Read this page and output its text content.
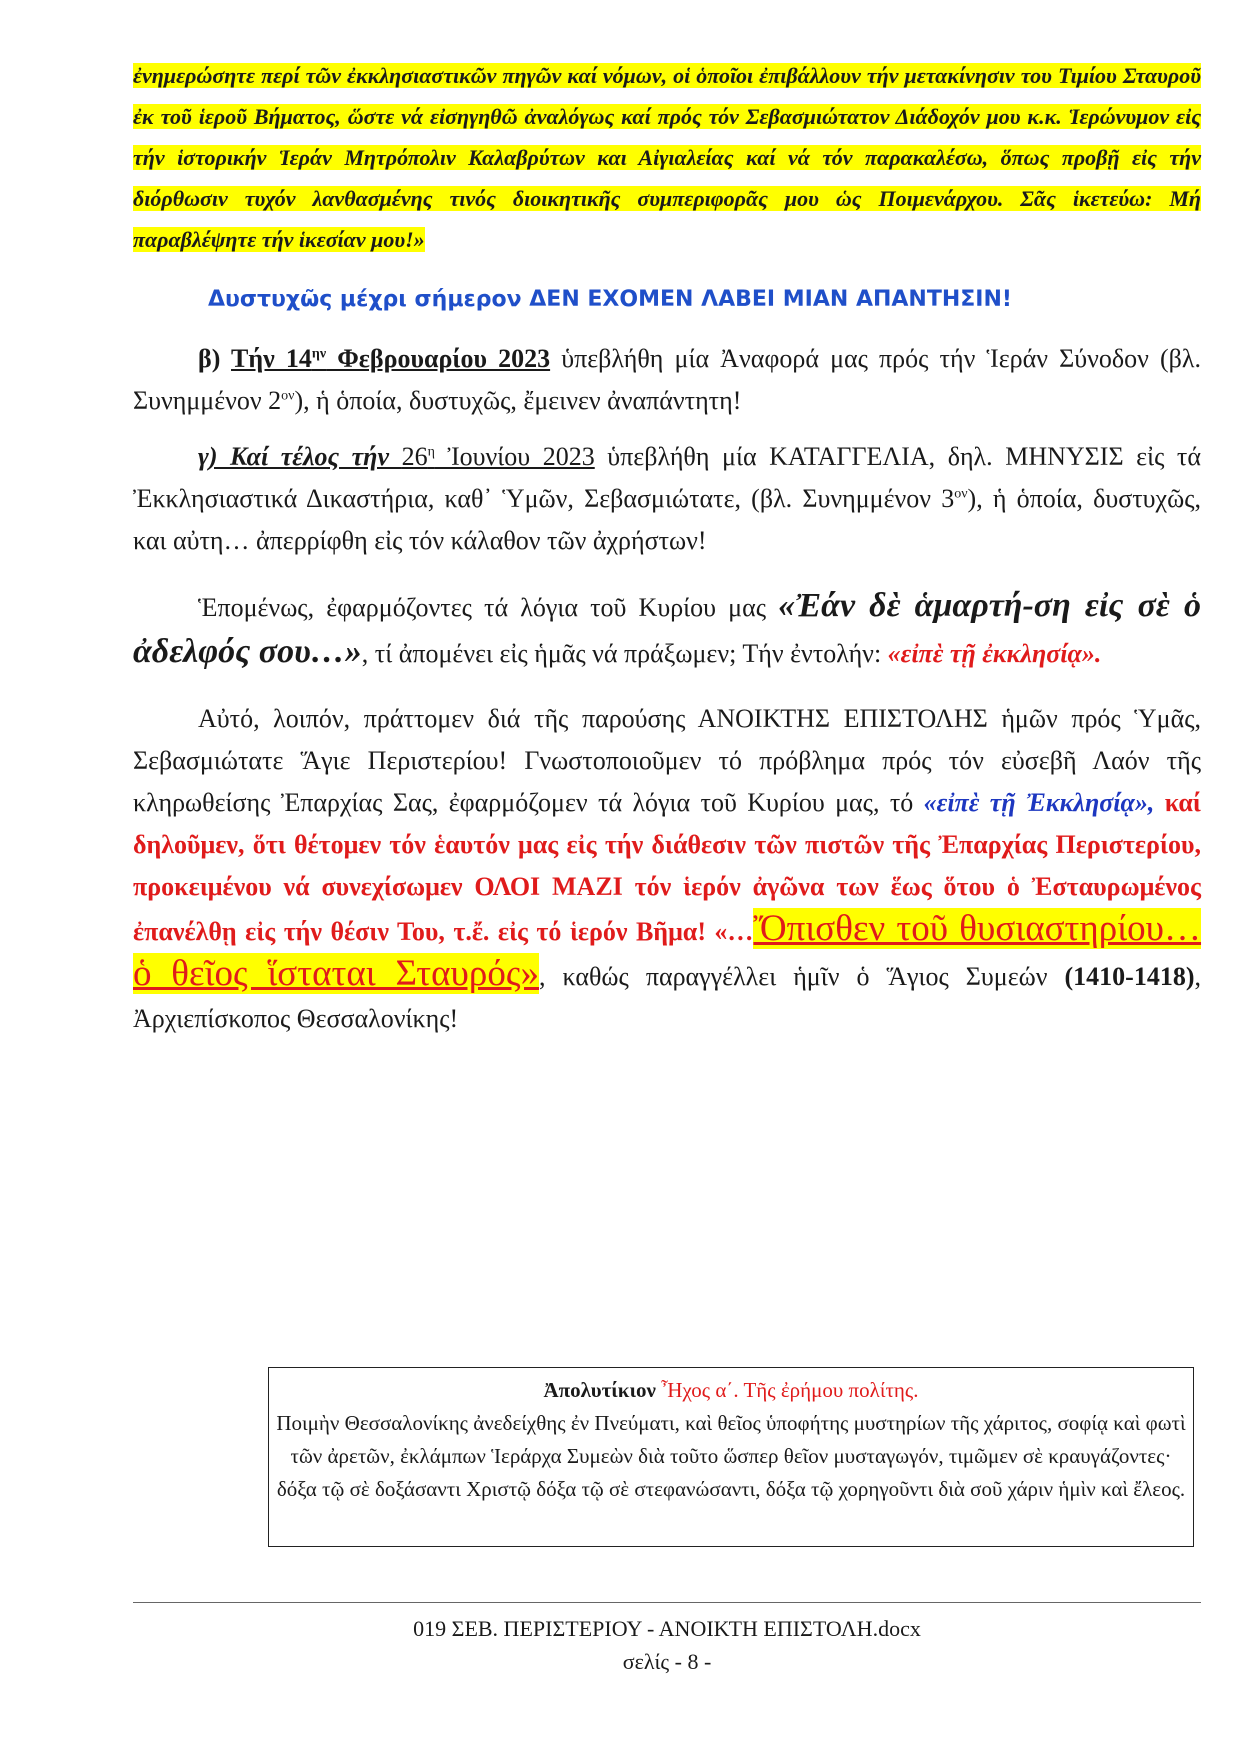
ἐνημερώσητε περί τῶν ἐκκλησιαστικῶν πηγῶν καί νόμων, οἱ ὁποῖοι ἐπιβάλλουν τήν μετακίνησιν του Τιμίου Σταυροῦ ἐκ τοῦ ἱεροῦ Βήματος, ὥστε νά εἰσηγηθῶ ἀναλόγως καί πρός τόν Σεβασμιώτατον Διάδοχόν μου κ.κ. Ἱερώνυμον εἰς τήν ἱστορικήν Ἱεράν Μητρόπολιν Καλαβρύτων και Αἰγιαλείας καί νά τόν παρακαλέσω, ὅπως προβῇ εἰς τήν διόρθωσιν τυχόν λανθασμένης τινός διοικητικῆς συμπεριφορᾶς μου ὡς Ποιμενάρχου. Σᾶς ἱκετεύω: Μή παραβλέψητε τήν ἱκεσίαν μου!»

Δυστυχῶς μέχρι σήμερον ΔΕΝ ΕΧΟΜΕΝ ΛΑΒΕΙ ΜΙΑΝ ΑΠΑΝΤΗΣΙΝ!

β) Τήν $14^{\eta\nu}$ Φεβρουαρίου 2023 ὑπεβλήθη μία Ἀναφορά μας πρός τήν Ἱεράν Σύνοδον (βλ. Συνημμένον $2^{o\nu}$), ἡ ὁποία, δυστυχῶς, ἔμεινεν ἀναπάντητη!

γ) Καί τέλος τήν $26^\eta$ Ἰουνίου 2023 ὑπεβλήθη μία ΚΑΤΑΓΓΕΛΙΑ, δηλ. ΜΗΝΥΣΙΣ εἰς τά Ἐκκλησιαστικά Δικαστήρια, καθ᾽ Ὑμῶν, Σεβασμιώτατε, (βλ. Συνημμένον $3^{o\nu}$), ἡ ὁποία, δυστυχῶς, και αὐτη… ἀπερρίφθη εἰς τόν κάλαθον τῶν ἀχρήστων!

Ἑπομένως, ἐφαρμόζοντες τά λόγια τοῦ Κυρίου μας «Ἐάν δὲ ἁμαρτή-ση εἰς σὲ ὁ ἀδελφός σου…», τί ἀπομένει εἰς ἡμᾶς νά πράξωμεν; Τήν ἐντολήν: «εἰπὲ τῇ ἐκκλησίᾳ».

Αὐτό, λοιπόν, πράττομεν διά τῆς παρούσης ΑΝΟΙΚΤΗΣ ΕΠΙΣΤΟΛΗΣ ἡμῶν πρός Ὑμᾶς, Σεβασμιώτατε Ἅγιε Περιστερίου! Γνωστοποιοῦμεν τό πρόβλημα πρός τόν εὐσεβῆ Λαόν τῆς κληρωθείσης Ἐπαρχίας Σας, ἐφαρμόζομεν τά λόγια τοῦ Κυρίου μας, τό «εἰπὲ τῇ Ἐκκλησίᾳ», καί δηλοῦμεν, ὅτι θέτομεν τόν ἑαυτόν μας εἰς τήν διάθεσιν τῶν πιστῶν τῆς Ἐπαρχίας Περιστερίου, προκειμένου νά συνεχίσωμεν ΟΛΟΙ ΜΑΖΙ τόν ἱερόν ἀγῶνα των ἕως ὅτου ὁ Ἐσταυρωμένος ἐπανέλθῃ εἰς τήν θέσιν Του, τ.ἔ. εἰς τό ἱερόν Βῆμα! «…Ὄπισθεν τοῦ θυσιαστηρίου… ὁ θεῖος ἵσταται Σταυρός», καθώς παραγγέλλει ἡμῖν ὁ Ἅγιος Συμεών (1410-1418), Ἀρχιεπίσκοπος Θεσσαλονίκης!

Ἀπολυτίκιον Ἦχος α΄. Τῆς ἐρήμου πολίτης.
Ποιμὴν Θεσσαλονίκης ἀνεδείχθης ἐν Πνεύματι, καὶ θεῖος ὑποφήτης μυστηρίων τῆς χάριτος, σοφίᾳ καὶ φωτὶ τῶν ἀρετῶν, ἐκλάμπων Ἱεράρχα Συμεὼν διὰ τοῦτο ὥσπερ θεῖον μυσταγωγόν, τιμῶμεν σὲ κραυγάζοντες· δόξα τῷ σὲ δοξάσαντι Χριστῷ δόξα τῷ σὲ στεφανώσαντι, δόξα τῷ χορηγοῦντι διὰ σοῦ χάριν ἡμὶν καὶ ἔλεος.
019 ΣΕΒ. ΠΕΡΙΣΤΕΡΙΟΥ - ΑΝΟΙΚΤΗ ΕΠΙΣΤΟΛΗ.docx
σελίς - 8 -
